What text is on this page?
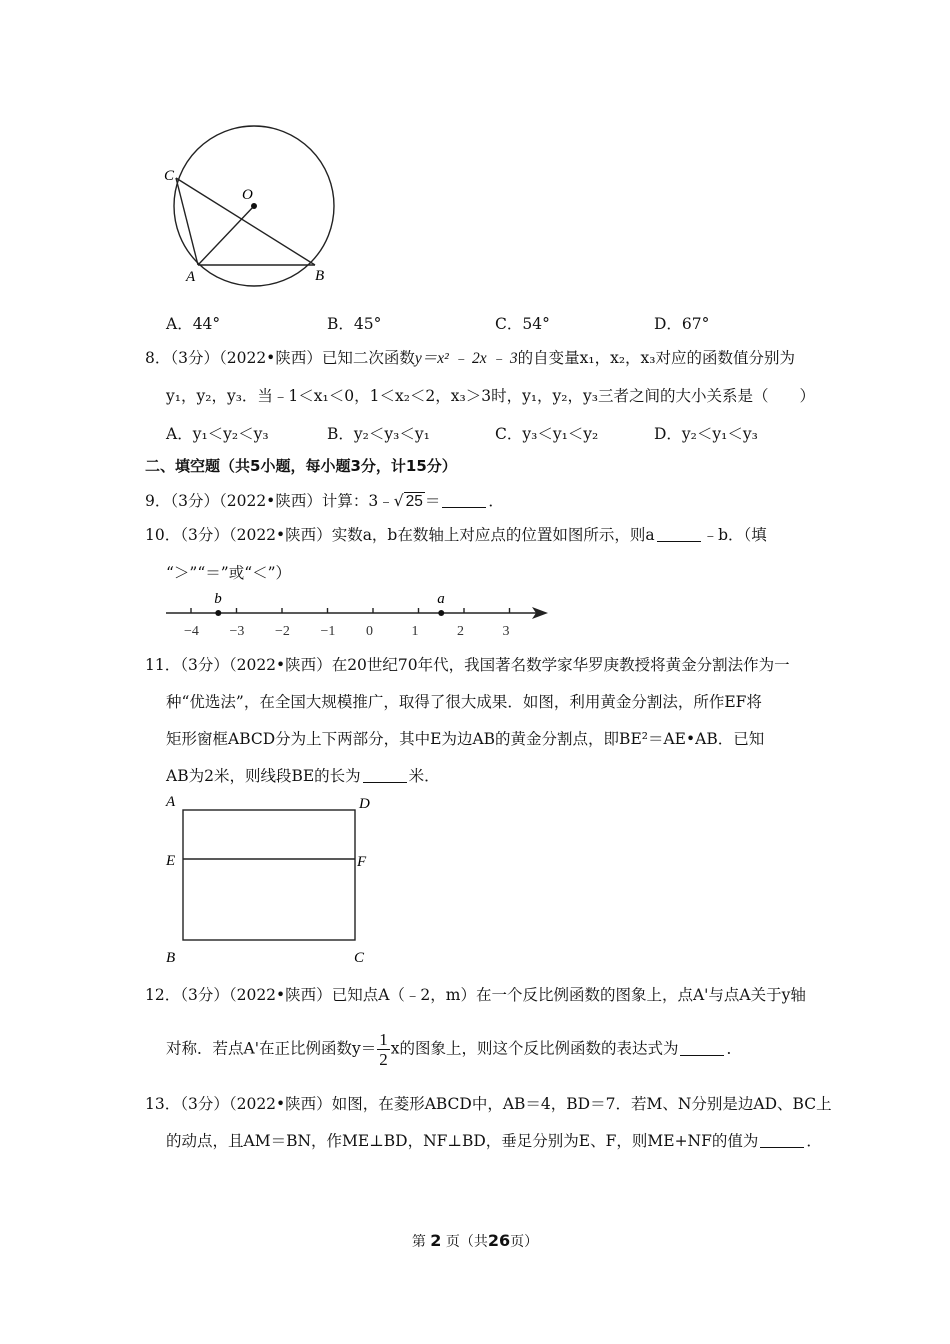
C
O
A	B
A．44°	B．45°	C．54°	D．67°
8．（3分）（2022•陕西）已知二次函数y＝x² ﹣ 2x ﹣ 3的自变量x₁，x₂，x₃对应的函数值分别为
y₁，y₂，y₃．当﹣1＜x₁＜0，1＜x₂＜2，x₃＞3时，y₁，y₂，y₃三者之间的大小关系是（　　）
A．y₁＜y₂＜y₃	B．y₂＜y₃＜y₁	C．y₃＜y₁＜y₂	D．y₂＜y₁＜y₃
二、填空题（共5小题，每小题3分，计15分）
9．（3分）（2022•陕西）计算：3﹣√ 25 ＝	．
10．（3分）（2022•陕西）实数a，b在数轴上对应点的位置如图所示，则a	﹣b．（填
“＞”“＝”或“＜”）
−4 −3 −2 −1 0	1	2	3
b	a
11．（3分）（2022•陕西）在20世纪70年代，我国著名数学家华罗庚教授将黄金分割法作为一
种“优选法”，在全国大规模推广，取得了很大成果．如图，利用黄金分割法，所作EF将
矩形窗框ABCD分为上下两部分，其中E为边AB的黄金分割点，即BE²＝AE•AB．已知
AB为2米，则线段BE的长为	米．
A	D
E	F
B	C
12．（3分）（2022•陕西）已知点A（﹣2，m）在一个反比例函数的图象上，点A'与点A关于y轴
对称．若点A'在正比例函数$y= \frac{1}{2}$ x的图象上，则这个反比例函数的表达式为	．
13．（3分）（2022•陕西）如图，在菱形ABCD中，AB＝4，BD＝7．若M、N分别是边AD、BC上
的动点，且AM＝BN，作ME⊥BD，NF⊥BD，垂足分别为E、F，则ME+NF的值为	．
第 2 页（共26页）
